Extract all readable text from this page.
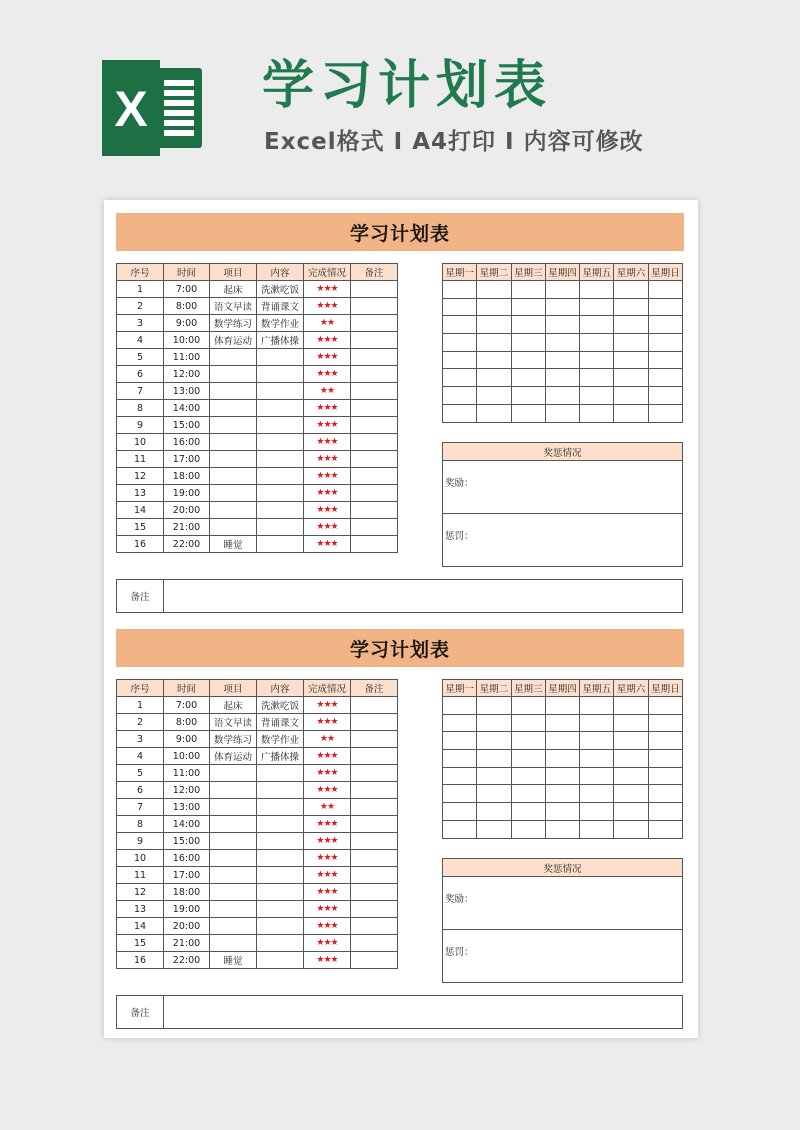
X 学习计划表
Excel格式 Ⅰ A4打印 Ⅰ 内容可修改
学习计划表
序号	时间	项目	内容	完成情况	备注
1	7:00	起床	洗漱吃饭	★★★	
2	8:00	语文早读	背诵课文	★★★	
3	9:00	数学练习	数学作业	★★	
4	10:00	体育运动	广播体操	★★★	
5	11:00			★★★	
6	12:00			★★★	
7	13:00			★★	
8	14:00			★★★	
9	15:00			★★★	
10	16:00			★★★	
11	17:00			★★★	
12	18:00			★★★	
13	19:00			★★★	
14	20:00			★★★	
15	21:00			★★★	
16	22:00	睡觉		★★★	
星期一	星期二	星期三	星期四	星期五	星期六	星期日

奖惩情况
奖励：
惩罚：
备注
学习计划表
序号	时间	项目	内容	完成情况	备注
1	7:00	起床	洗漱吃饭	★★★	
2	8:00	语文早读	背诵课文	★★★	
3	9:00	数学练习	数学作业	★★	
4	10:00	体育运动	广播体操	★★★	
5	11:00			★★★	
6	12:00			★★★	
7	13:00			★★	
8	14:00			★★★	
9	15:00			★★★	
10	16:00			★★★	
11	17:00			★★★	
12	18:00			★★★	
13	19:00			★★★	
14	20:00			★★★	
15	21:00			★★★	
16	22:00	睡觉		★★★	
星期一	星期二	星期三	星期四	星期五	星期六	星期日

奖惩情况
奖励：
惩罚：
备注
